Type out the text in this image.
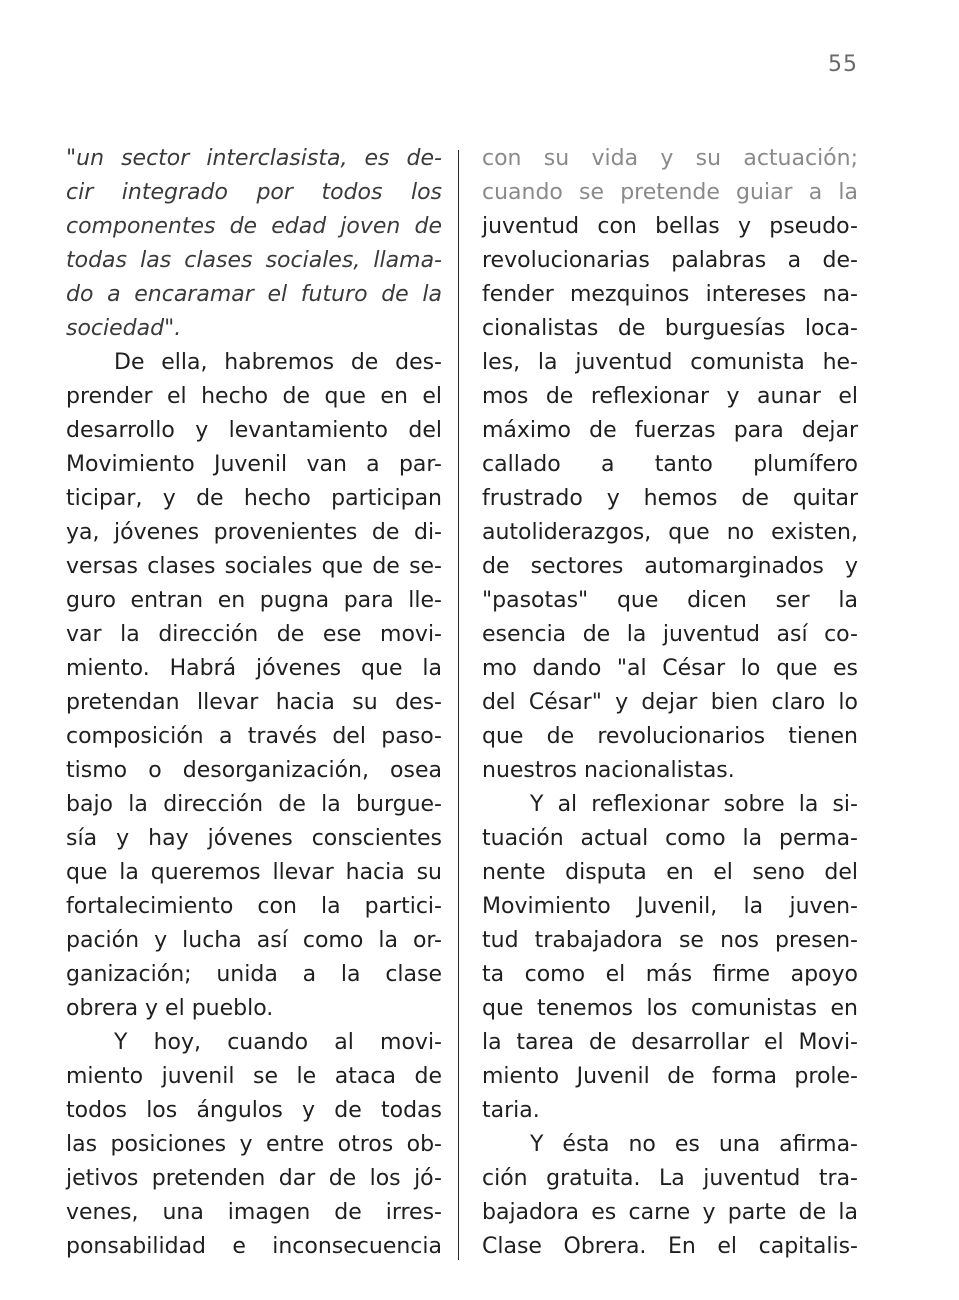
55
"un sector interclasista, es de-
cir integrado por todos los
componentes de edad joven de
todas las clases sociales, llama-
do a encaramar el futuro de la
sociedad".
De ella, habremos de des-
prender el hecho de que en el
desarrollo y levantamiento del
Movimiento Juvenil van a par-
ticipar, y de hecho participan
ya, jóvenes provenientes de di-
versas clases sociales que de se-
guro entran en pugna para lle-
var la dirección de ese movi-
miento. Habrá jóvenes que la
pretendan llevar hacia su des-
composición a través del paso-
tismo o desorganización, osea
bajo la dirección de la burgue-
sía y hay jóvenes conscientes
que la queremos llevar hacia su
fortalecimiento con la partici-
pación y lucha así como la or-
ganización; unida a la clase
obrera y el pueblo.
Y hoy, cuando al movi-
miento juvenil se le ataca de
todos los ángulos y de todas
las posiciones y entre otros ob-
jetivos pretenden dar de los jó-
venes, una imagen de irres-
ponsabilidad e inconsecuencia
con su vida y su actuación;
cuando se pretende guiar a la
juventud con bellas y pseudo-
revolucionarias palabras a de-
fender mezquinos intereses na-
cionalistas de burguesías loca-
les, la juventud comunista he-
mos de reflexionar y aunar el
máximo de fuerzas para dejar
callado a tanto plumífero
frustrado y hemos de quitar
autoliderazgos, que no existen,
de sectores automarginados y
"pasotas" que dicen ser la
esencia de la juventud así co-
mo dando "al César lo que es
del César" y dejar bien claro lo
que de revolucionarios tienen
nuestros nacionalistas.
Y al reflexionar sobre la si-
tuación actual como la perma-
nente disputa en el seno del
Movimiento Juvenil, la juven-
tud trabajadora se nos presen-
ta como el más firme apoyo
que tenemos los comunistas en
la tarea de desarrollar el Movi-
miento Juvenil de forma prole-
taria.
Y ésta no es una afirma-
ción gratuita. La juventud tra-
bajadora es carne y parte de la
Clase Obrera. En el capitalis-
